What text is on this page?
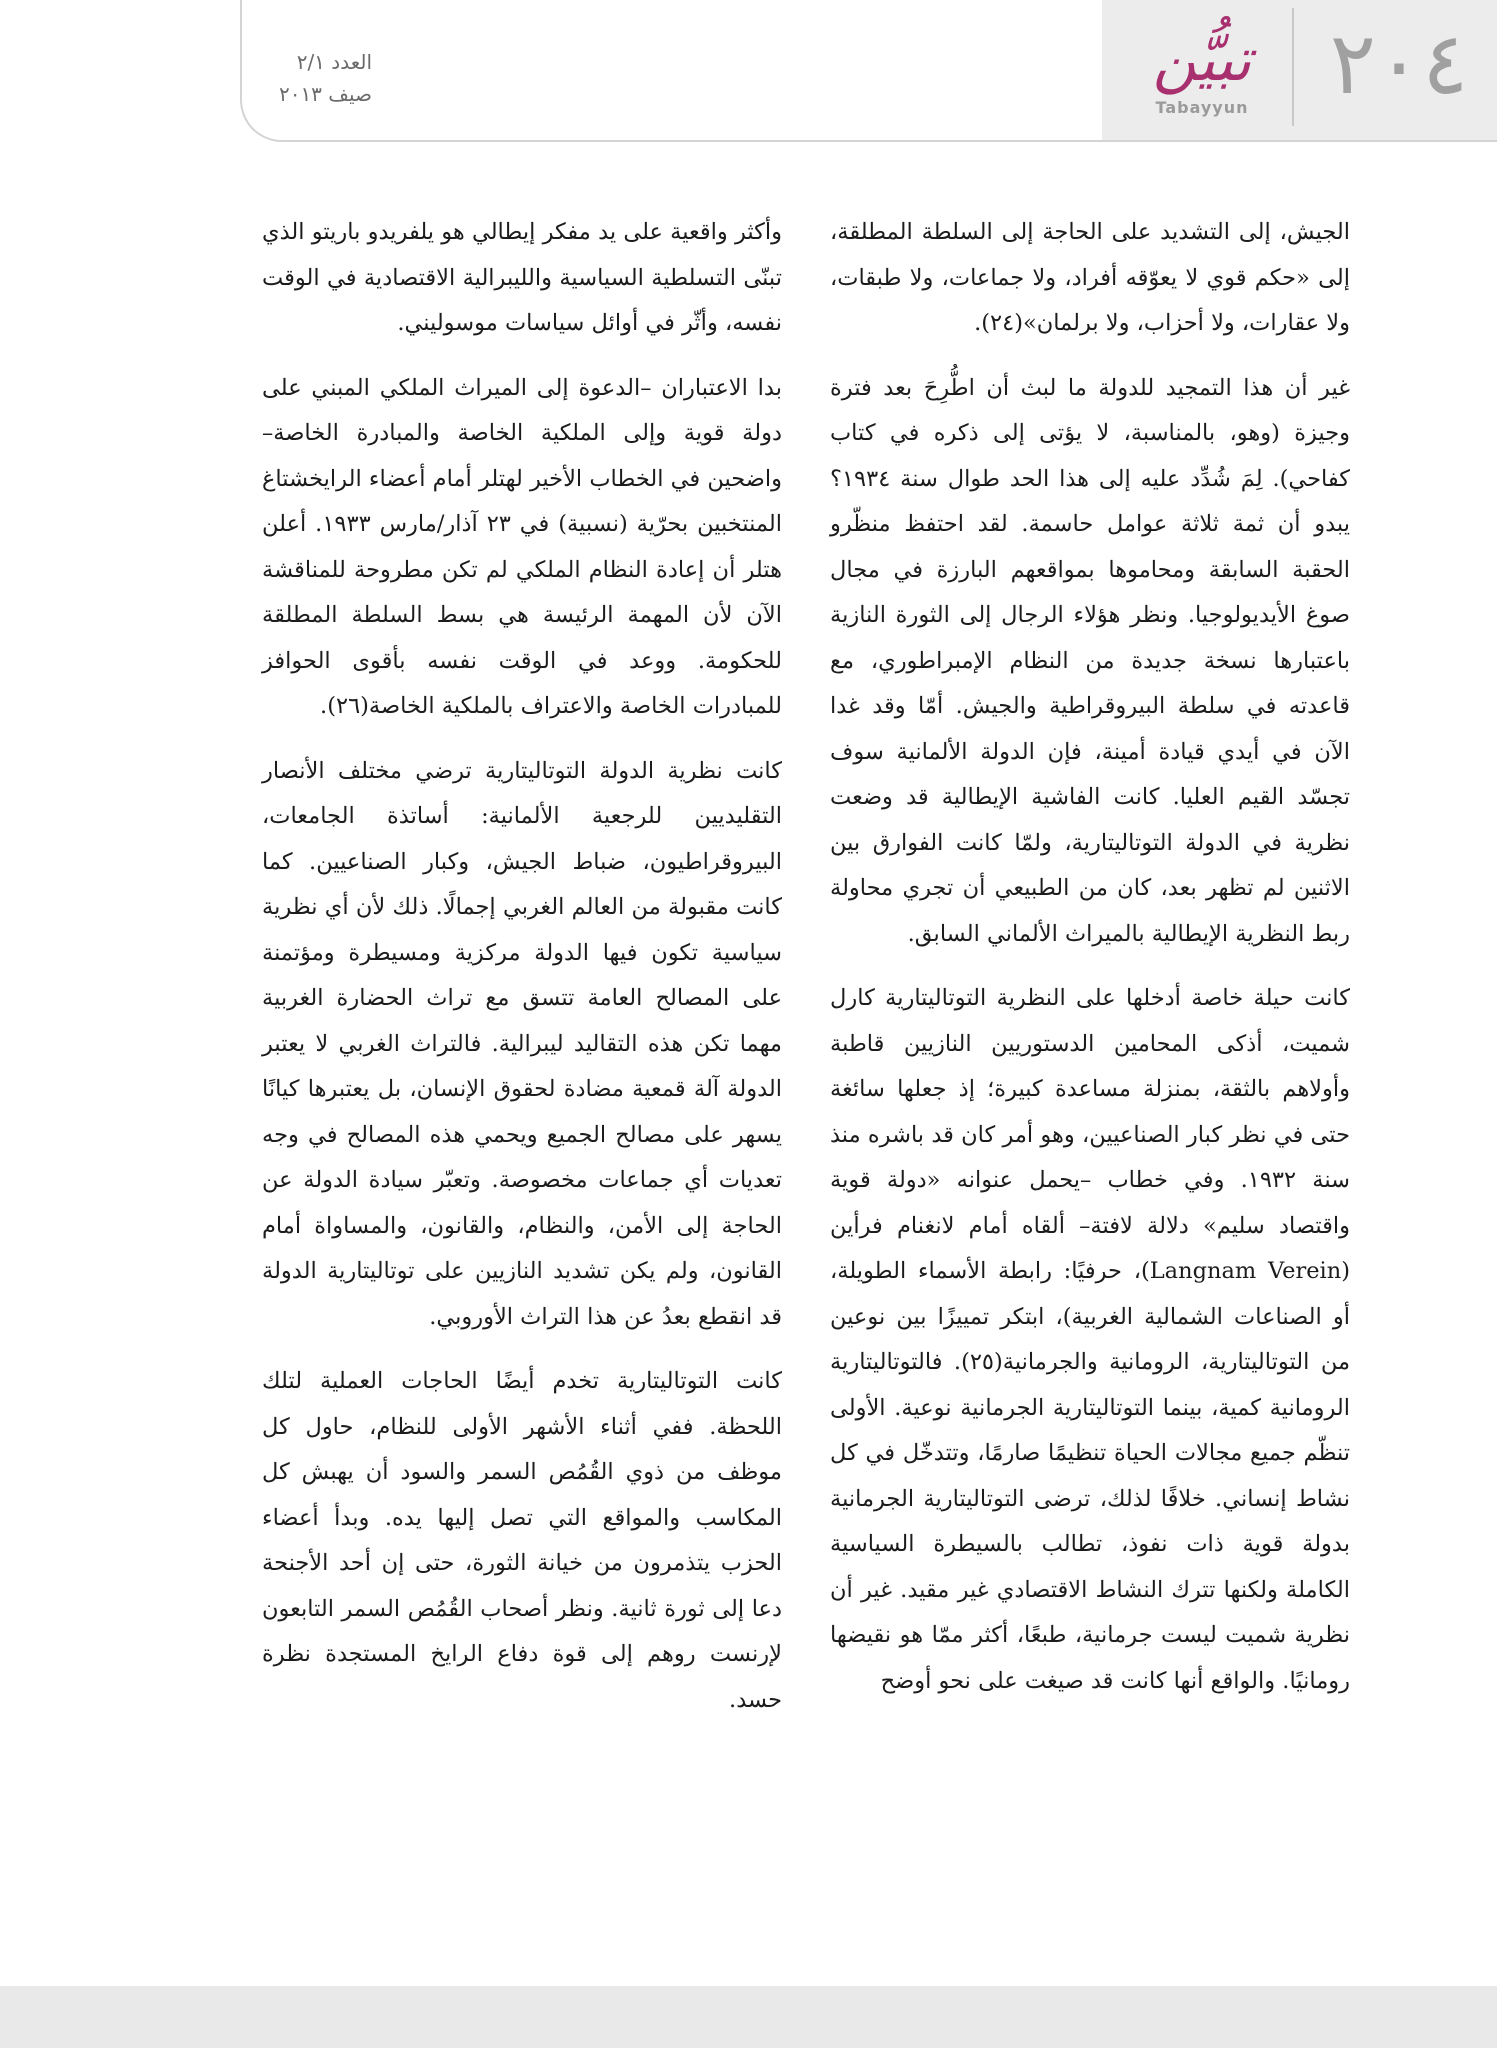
٢٠٤
تبيُّن
Tabayyun
العدد ٢/١
صيف ٢٠١٣

الجيش، إلى التشديد على الحاجة إلى السلطة المطلقة، إلى «حكم قوي لا يعوّقه أفراد، ولا جماعات، ولا طبقات، ولا عقارات، ولا أحزاب، ولا برلمان»(٢٤).

غير أن هذا التمجيد للدولة ما لبث أن اطُّرِحَ بعد فترة وجيزة (وهو، بالمناسبة، لا يؤتى إلى ذكره في كتاب كفاحي). لِمَ شُدِّد عليه إلى هذا الحد طوال سنة ١٩٣٤؟ يبدو أن ثمة ثلاثة عوامل حاسمة. لقد احتفظ منظّرو الحقبة السابقة ومحاموها بمواقعهم البارزة في مجال صوغ الأيديولوجيا. ونظر هؤلاء الرجال إلى الثورة النازية باعتبارها نسخة جديدة من النظام الإمبراطوري، مع قاعدته في سلطة البيروقراطية والجيش. أمّا وقد غدا الآن في أيدي قيادة أمينة، فإن الدولة الألمانية سوف تجسّد القيم العليا. كانت الفاشية الإيطالية قد وضعت نظرية في الدولة التوتاليتارية، ولمّا كانت الفوارق بين الاثنين لم تظهر بعد، كان من الطبيعي أن تجري محاولة ربط النظرية الإيطالية بالميراث الألماني السابق.

كانت حيلة خاصة أدخلها على النظرية التوتاليتارية كارل شميت، أذكى المحامين الدستوريين النازيين قاطبة وأولاهم بالثقة، بمنزلة مساعدة كبيرة؛ إذ جعلها سائغة حتى في نظر كبار الصناعيين، وهو أمر كان قد باشره منذ سنة ١٩٣٢. وفي خطاب –يحمل عنوانه «دولة قوية واقتصاد سليم» دلالة لافتة– ألقاه أمام لانغنام فرأين (Langnam Verein)، حرفيًا: رابطة الأسماء الطويلة، أو الصناعات الشمالية الغربية)، ابتكر تمييزًا بين نوعين من التوتاليتارية، الرومانية والجرمانية(٢٥). فالتوتاليتارية الرومانية كمية، بينما التوتاليتارية الجرمانية نوعية. الأولى تنظّم جميع مجالات الحياة تنظيمًا صارمًا، وتتدخّل في كل نشاط إنساني. خلافًا لذلك، ترضى التوتاليتارية الجرمانية بدولة قوية ذات نفوذ، تطالب بالسيطرة السياسية الكاملة ولكنها تترك النشاط الاقتصادي غير مقيد. غير أن نظرية شميت ليست جرمانية، طبعًا، أكثر ممّا هو نقيضها رومانيًا. والواقع أنها كانت قد صيغت على نحو أوضح

وأكثر واقعية على يد مفكر إيطالي هو يلفريدو باريتو الذي تبنّى التسلطية السياسية والليبرالية الاقتصادية في الوقت نفسه، وأثّر في أوائل سياسات موسوليني.

بدا الاعتباران –الدعوة إلى الميراث الملكي المبني على دولة قوية وإلى الملكية الخاصة والمبادرة الخاصة– واضحين في الخطاب الأخير لهتلر أمام أعضاء الرايخشتاغ المنتخبين بحرّية (نسبية) في ٢٣ آذار/مارس ١٩٣٣. أعلن هتلر أن إعادة النظام الملكي لم تكن مطروحة للمناقشة الآن لأن المهمة الرئيسة هي بسط السلطة المطلقة للحكومة. ووعد في الوقت نفسه بأقوى الحوافز للمبادرات الخاصة والاعتراف بالملكية الخاصة(٢٦).

كانت نظرية الدولة التوتاليتارية ترضي مختلف الأنصار التقليديين للرجعية الألمانية: أساتذة الجامعات، البيروقراطيون، ضباط الجيش، وكبار الصناعيين. كما كانت مقبولة من العالم الغربي إجمالًا. ذلك لأن أي نظرية سياسية تكون فيها الدولة مركزية ومسيطرة ومؤتمنة على المصالح العامة تتسق مع تراث الحضارة الغربية مهما تكن هذه التقاليد ليبرالية. فالتراث الغربي لا يعتبر الدولة آلة قمعية مضادة لحقوق الإنسان، بل يعتبرها كيانًا يسهر على مصالح الجميع ويحمي هذه المصالح في وجه تعديات أي جماعات مخصوصة. وتعبّر سيادة الدولة عن الحاجة إلى الأمن، والنظام، والقانون، والمساواة أمام القانون، ولم يكن تشديد النازيين على توتاليتارية الدولة قد انقطع بعدُ عن هذا التراث الأوروبي.

كانت التوتاليتارية تخدم أيضًا الحاجات العملية لتلك اللحظة. ففي أثناء الأشهر الأولى للنظام، حاول كل موظف من ذوي القُمُص السمر والسود أن يهبش كل المكاسب والمواقع التي تصل إليها يده. وبدأ أعضاء الحزب يتذمرون من خيانة الثورة، حتى إن أحد الأجنحة دعا إلى ثورة ثانية. ونظر أصحاب القُمُص السمر التابعون لإرنست روهم إلى قوة دفاع الرايخ المستجدة نظرة حسد.
